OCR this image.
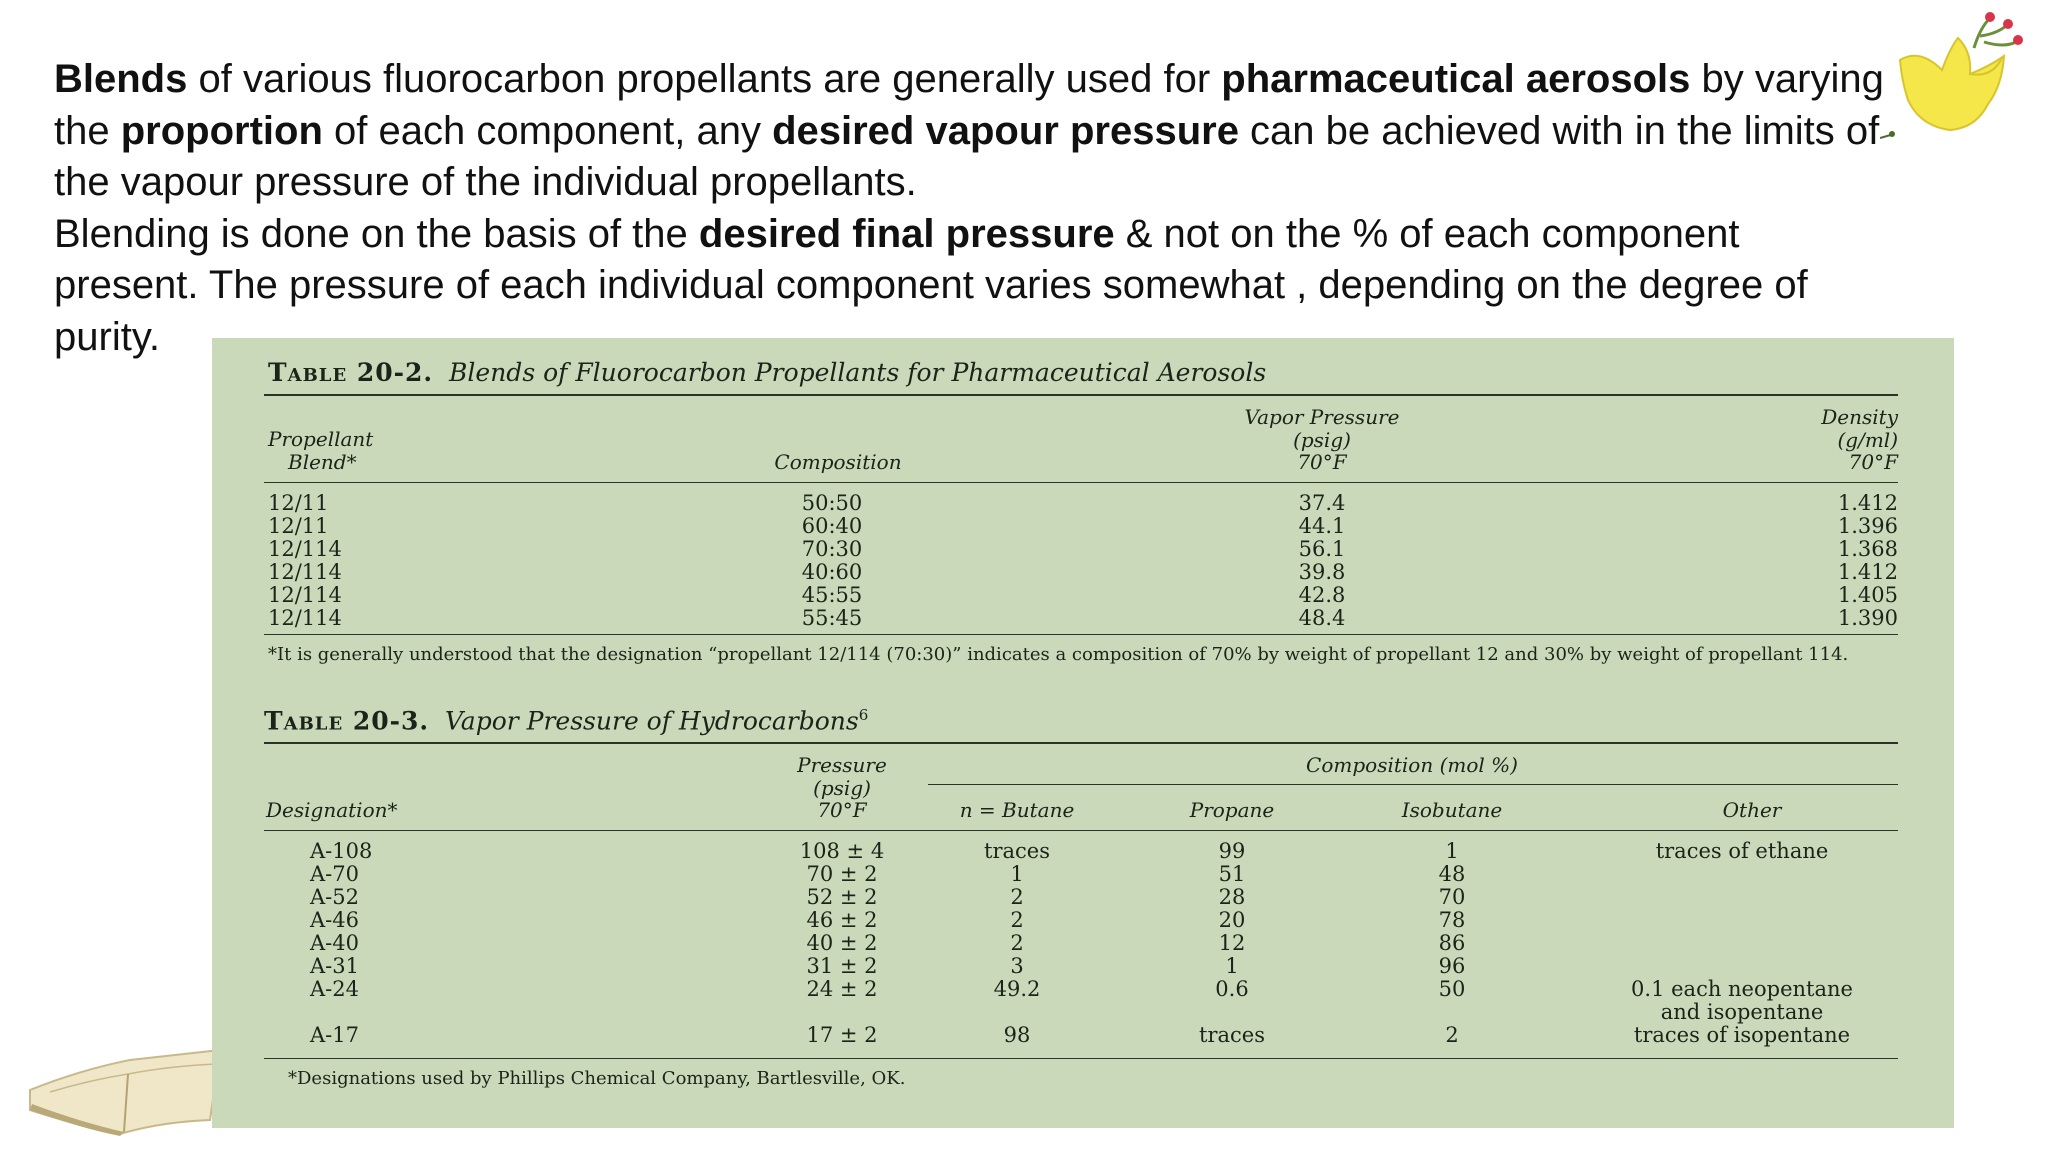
Blends of various fluorocarbon propellants are generally used for pharmaceutical aerosols by varying the proportion of each component, any desired vapour pressure can be achieved with in the limits of the vapour pressure of the individual propellants.

Blending is done on the basis of the desired final pressure & not on the % of each component present. The pressure of each individual component varies somewhat , depending on the degree of purity.

Table 20-2. Blends of Fluorocarbon Propellants for Pharmaceutical Aerosols
Propellant
Blend*	Composition
Vapor Pressure
(psig)
70°F
Density
(g/ml)
70°F
12/11	50:50	37.4	1.412
12/11	60:40	44.1	1.396
12/114	70:30	56.1	1.368
12/114	40:60	39.8	1.412
12/114	45:55	42.8	1.405
12/114	55:45	48.4	1.390
*It is generally understood that the designation “propellant 12/114 (70:30)” indicates a composition of 70% by weight of propellant 12 and 30% by weight of propellant 114.
Table 20-3. Vapor Pressure of Hydrocarbons$^6$
Pressure
(psig)
70°F
Designation*
Composition (mol %)
n = Butane	Propane	Isobutane	Other
A-108	108 ± 4	traces	99	1	traces of ethane
A-70	70 ± 2	1	51	48
A-52	52 ± 2	2	28	70
A-46	46 ± 2	2	20	78
A-40	40 ± 2	2	12	86
A-31	31 ± 2	3	1	96
A-24	24 ± 2	49.2	0.6	50	0.1 each neopentane
and isopentane
A-17	17 ± 2	98	traces	2	traces of isopentane
*Designations used by Phillips Chemical Company, Bartlesville, OK.
